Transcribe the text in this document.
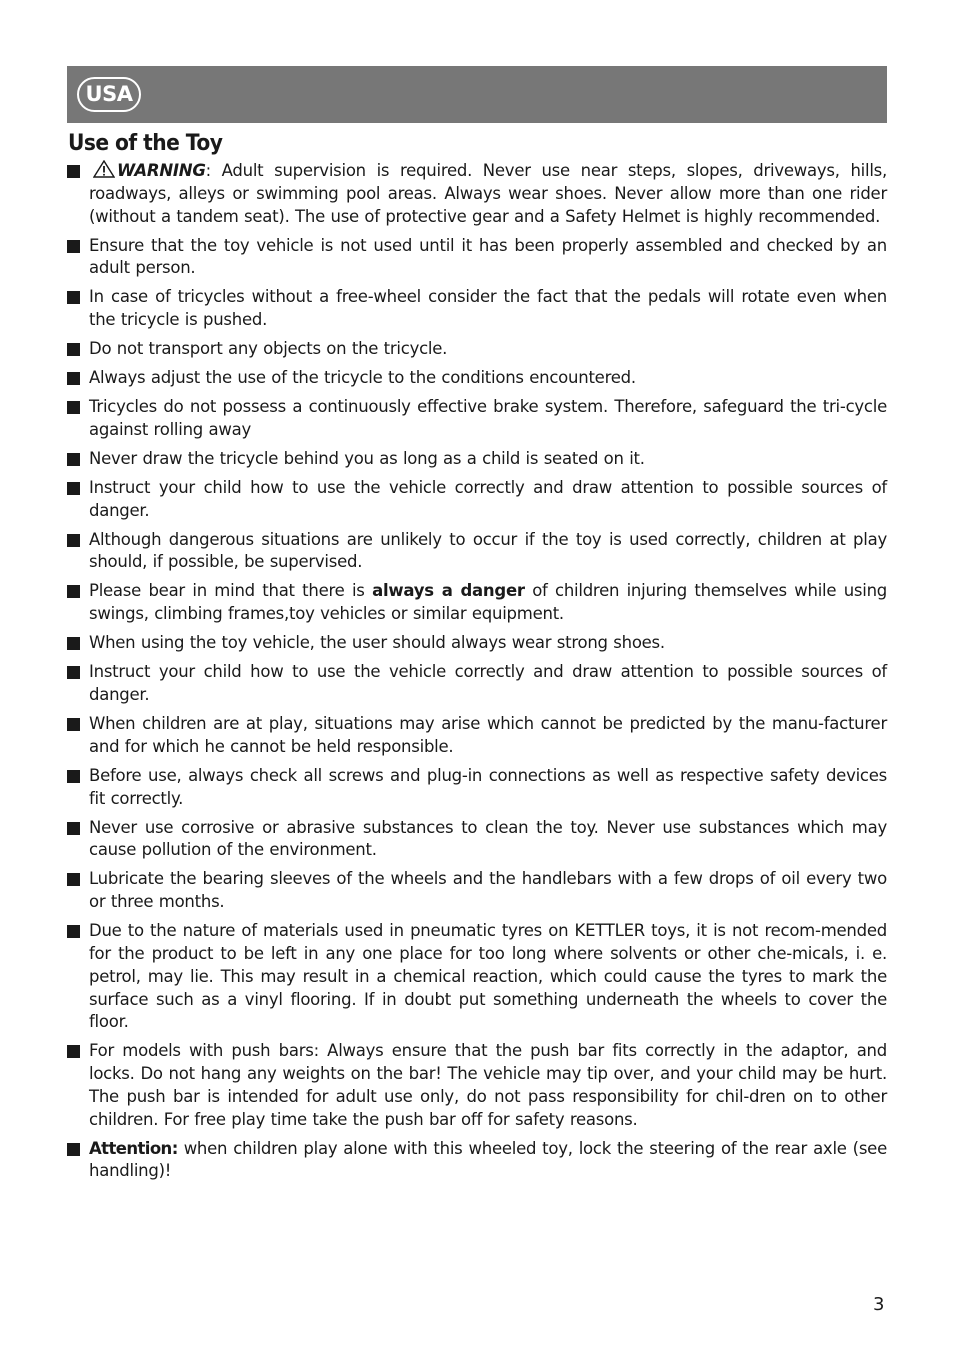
USA
Use of the Toy
WARNING: Adult supervision is required. Never use near steps, slopes, driveways, hills, roadways, alleys or swimming pool areas. Always wear shoes. Never allow more than one rider (without a tandem seat). The use of protective gear and a Safety Helmet is highly recommended.
Ensure that the toy vehicle is not used until it has been properly assembled and checked by an adult person.
In case of tricycles without a free-wheel consider the fact that the pedals will rotate even when the tricycle is pushed.
Do not transport any objects on the tricycle.
Always adjust the use of the tricycle to the conditions encountered.
Tricycles do not possess a continuously effective brake system. Therefore, safeguard the tri-cycle against rolling away
Never draw the tricycle behind you as long as a child is seated on it.
Instruct your child how to use the vehicle correctly and draw attention to possible sources of danger.
Although dangerous situations are unlikely to occur if the toy is used correctly, children at play should, if possible, be supervised.
Please bear in mind that there is always a danger of children injuring themselves while using swings, climbing frames,toy vehicles or similar equipment.
When using the toy vehicle, the user should always wear strong shoes.
Instruct your child how to use the vehicle correctly and draw attention to possible sources of danger.
When children are at play, situations may arise which cannot be predicted by the manu-facturer and for which he cannot be held responsible.
Before use, always check all screws and plug-in connections as well as respective safety devices fit correctly.
Never use corrosive or abrasive substances to clean the toy. Never use substances which may cause pollution of the environment.
Lubricate the bearing sleeves of the wheels and the handlebars with a few drops of oil every two or three months.
Due to the nature of materials used in pneumatic tyres on KETTLER toys, it is not recom-mended for the product to be left in any one place for too long where solvents or other che-micals, i. e. petrol, may lie. This may result in a chemical reaction, which could cause the tyres to mark the surface such as a vinyl flooring. If in doubt put something underneath the wheels to cover the floor.
For models with push bars: Always ensure that the push bar fits correctly in the adaptor, and locks. Do not hang any weights on the bar! The vehicle may tip over, and your child may be hurt. The push bar is intended for adult use only, do not pass responsibility for chil-dren on to other children. For free play time take the push bar off for safety reasons.
Attention: when children play alone with this wheeled toy, lock the steering of the rear axle (see handling)!
3
